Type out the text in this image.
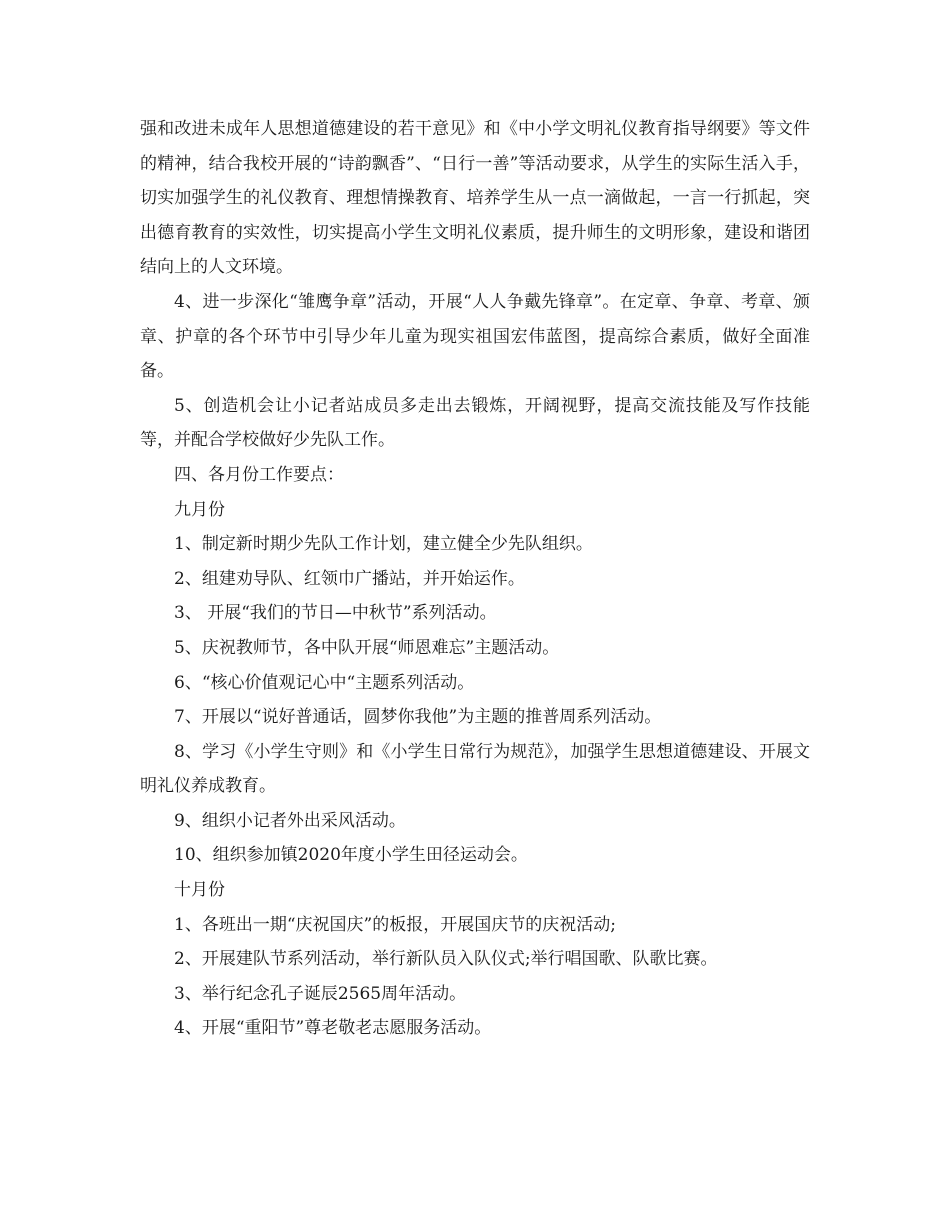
强和改进未成年人思想道德建设的若干意见》和《中小学文明礼仪教育指导纲要》等文件的精神，结合我校开展的“诗韵飘香”、“日行一善”等活动要求，从学生的实际生活入手，切实加强学生的礼仪教育、理想情操教育、培养学生从一点一滴做起，一言一行抓起，突出德育教育的实效性，切实提高小学生文明礼仪素质，提升师生的文明形象，建设和谐团结向上的人文环境。

4、进一步深化“雏鹰争章”活动，开展“人人争戴先锋章”。在定章、争章、考章、颁章、护章的各个环节中引导少年儿童为现实祖国宏伟蓝图，提高综合素质，做好全面准备。

5、创造机会让小记者站成员多走出去锻炼，开阔视野，提高交流技能及写作技能等，并配合学校做好少先队工作。

四、各月份工作要点：

九月份

1、制定新时期少先队工作计划，建立健全少先队组织。

2、组建劝导队、红领巾广播站，并开始运作。

3、 开展“我们的节日—中秋节”系列活动。

5、庆祝教师节，各中队开展“师恩难忘”主题活动。

6、“核心价值观记心中“主题系列活动。

7、开展以“说好普通话，圆梦你我他”为主题的推普周系列活动。

8、学习《小学生守则》和《小学生日常行为规范》，加强学生思想道德建设、开展文明礼仪养成教育。

9、组织小记者外出采风活动。

10、组织参加镇2020年度小学生田径运动会。

十月份

1、各班出一期“庆祝国庆”的板报，开展国庆节的庆祝活动;

2、开展建队节系列活动，举行新队员入队仪式;举行唱国歌、队歌比赛。

3、举行纪念孔子诞辰2565周年活动。

4、开展“重阳节”尊老敬老志愿服务活动。
